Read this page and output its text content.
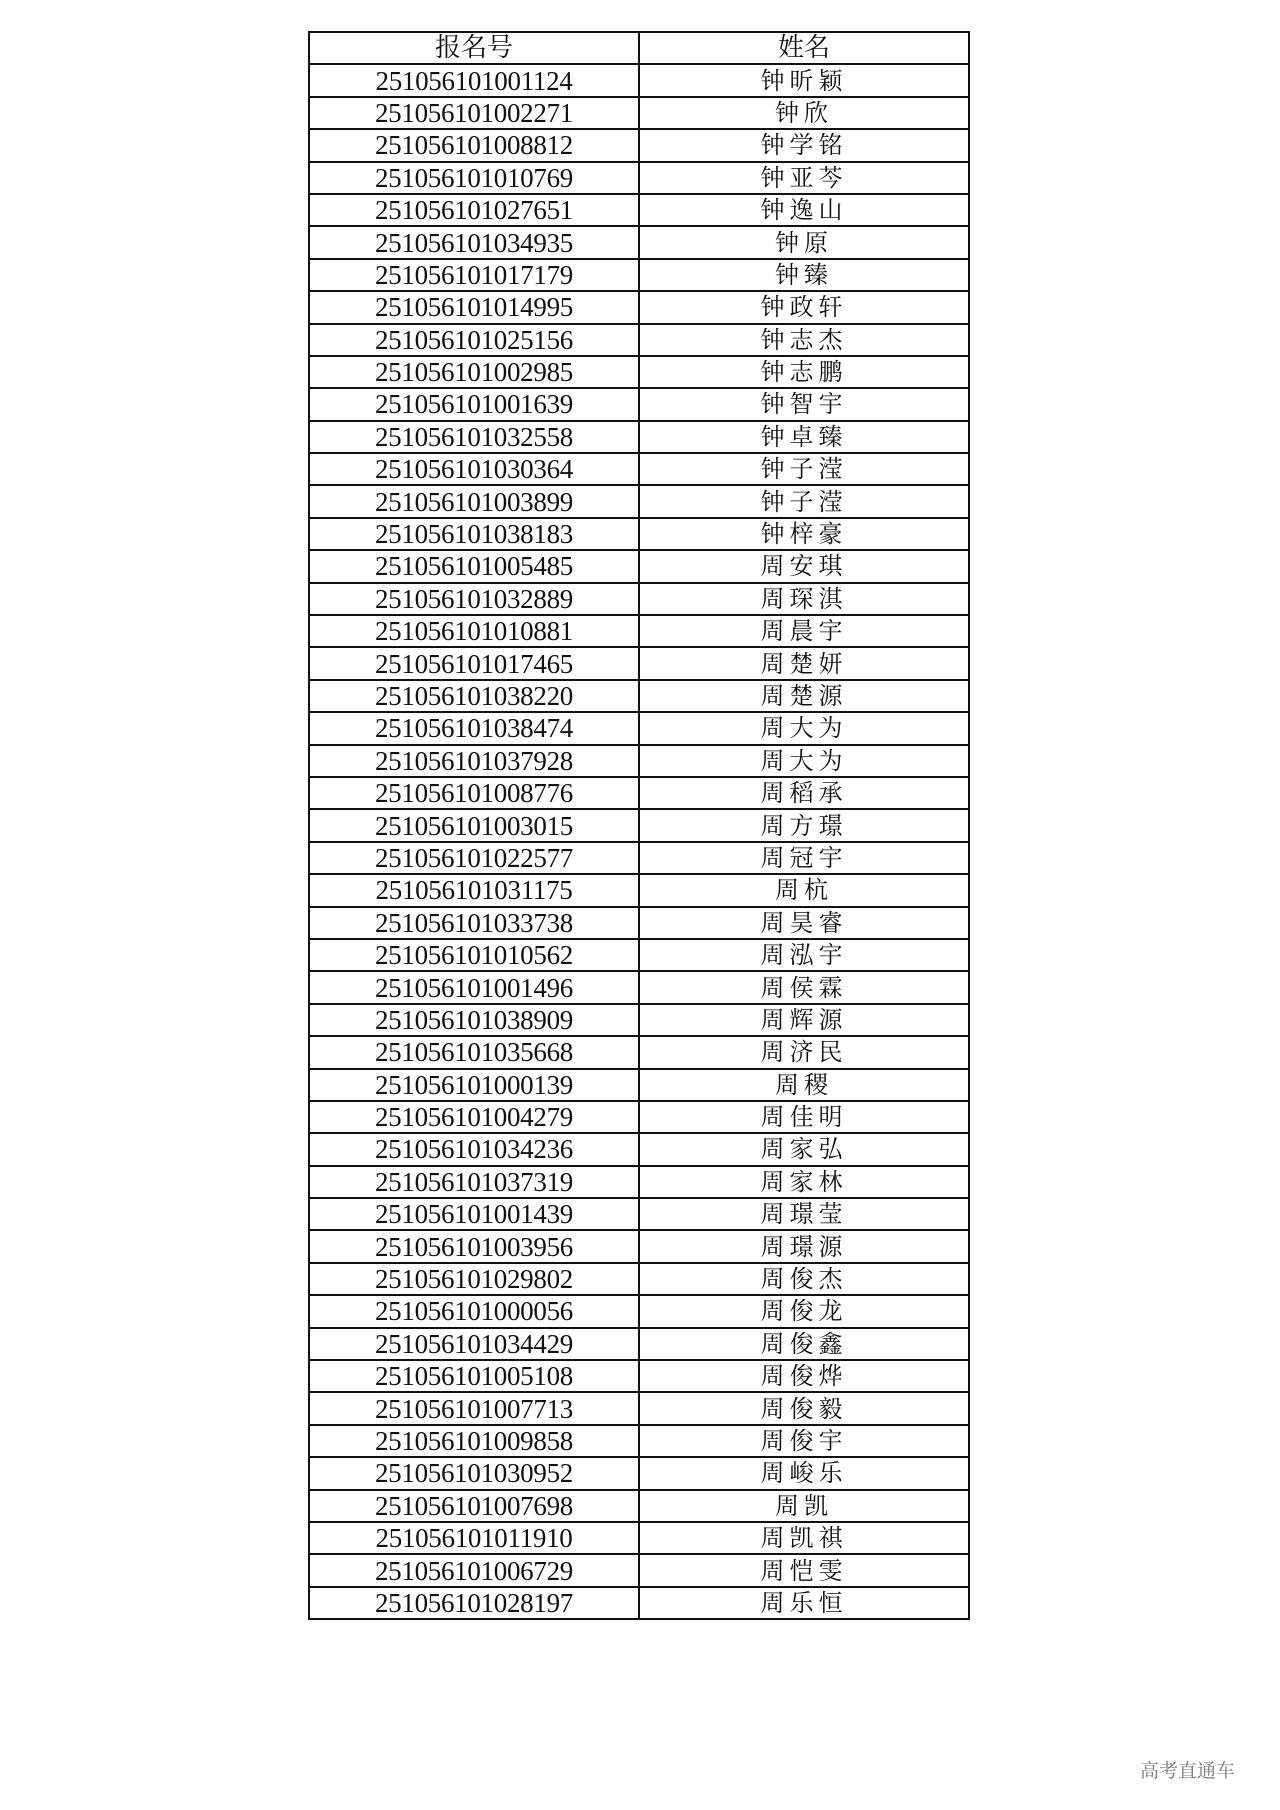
报名号	姓名
251056101001124	钟昕颖
251056101002271	钟欣
251056101008812	钟学铭
251056101010769	钟亚芩
251056101027651	钟逸山
251056101034935	钟原
251056101017179	钟臻
251056101014995	钟政轩
251056101025156	钟志杰
251056101002985	钟志鹏
251056101001639	钟智宇
251056101032558	钟卓臻
251056101030364	钟子滢
251056101003899	钟子滢
251056101038183	钟梓豪
251056101005485	周安琪
251056101032889	周琛淇
251056101010881	周晨宇
251056101017465	周楚妍
251056101038220	周楚源
251056101038474	周大为
251056101037928	周大为
251056101008776	周稻承
251056101003015	周方璟
251056101022577	周冠宇
251056101031175	周杭
251056101033738	周昊睿
251056101010562	周泓宇
251056101001496	周侯霖
251056101038909	周辉源
251056101035668	周济民
251056101000139	周稷
251056101004279	周佳明
251056101034236	周家弘
251056101037319	周家林
251056101001439	周璟莹
251056101003956	周璟源
251056101029802	周俊杰
251056101000056	周俊龙
251056101034429	周俊鑫
251056101005108	周俊烨
251056101007713	周俊毅
251056101009858	周俊宇
251056101030952	周峻乐
251056101007698	周凯
251056101011910	周凯祺
251056101006729	周恺雯
251056101028197	周乐恒
高考直通车
